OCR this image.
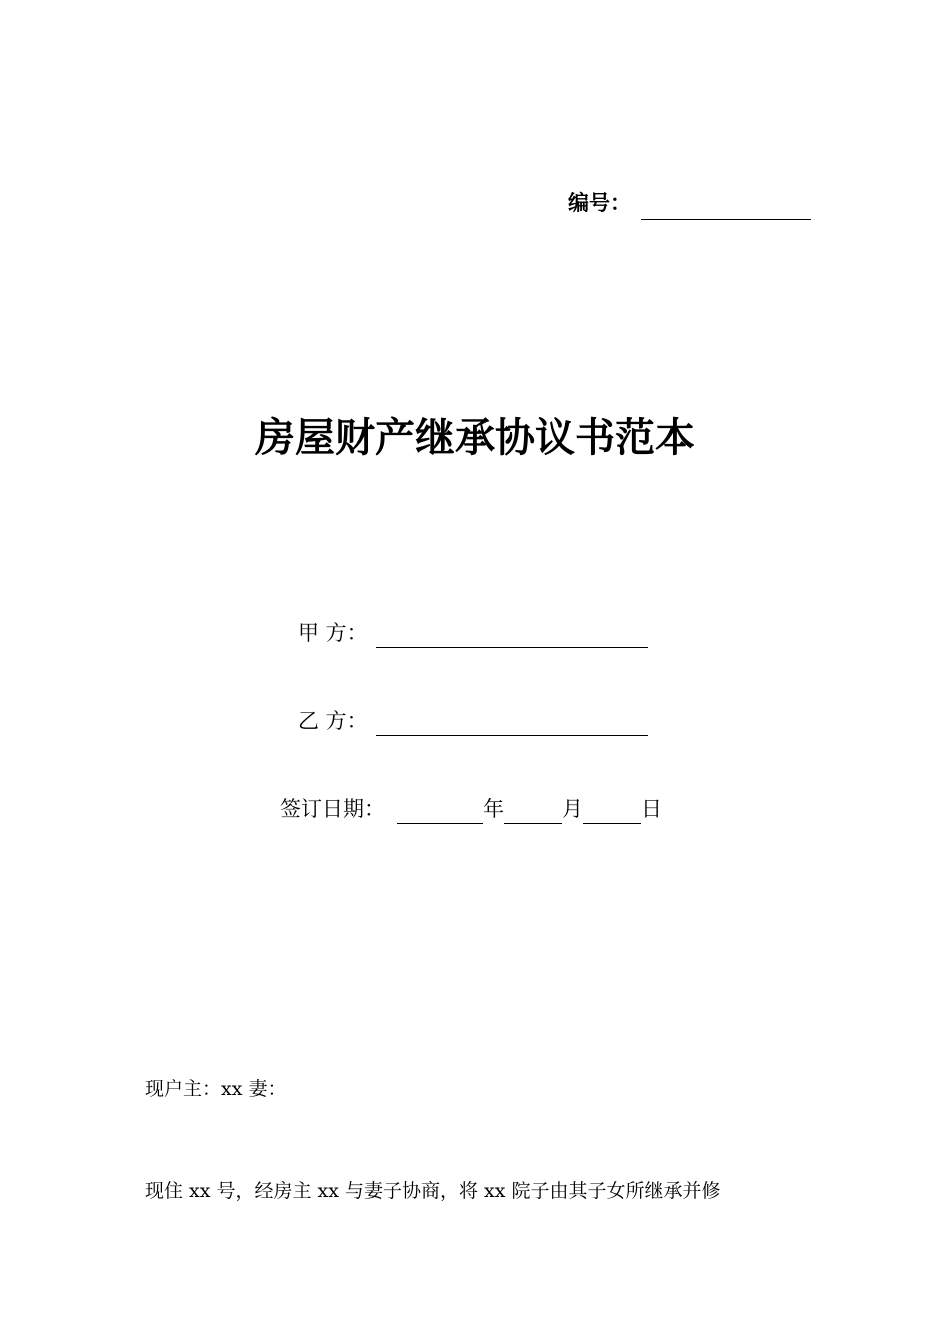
编号：
房屋财产继承协议书范本
甲 方：
乙 方：
签订日期：	年	月	日
现户主：xx 妻：
现住 xx 号，经房主 xx 与妻子协商，将 xx 院子由其子女所继承并修
